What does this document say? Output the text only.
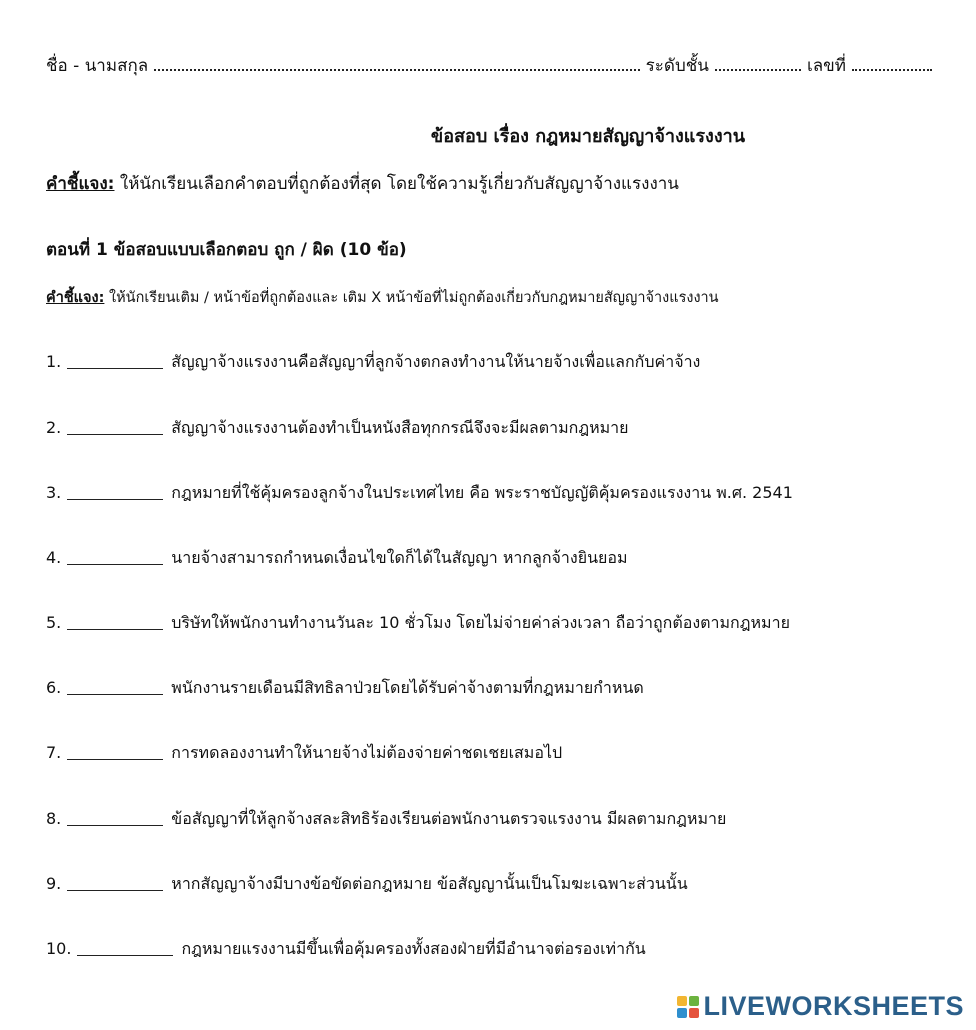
ชื่อ - นามสกุล	ระดับชั้น	เลขที่
ข้อสอบ เรื่อง กฎหมายสัญญาจ้างแรงงาน
คำชี้แจง: ให้นักเรียนเลือกคำตอบที่ถูกต้องที่สุด โดยใช้ความรู้เกี่ยวกับสัญญาจ้างแรงงาน
ตอนที่ 1 ข้อสอบแบบเลือกตอบ ถูก / ผิด (10 ข้อ)
คำชี้แจง: ให้นักเรียนเติม / หน้าข้อที่ถูกต้องและ เติม X หน้าข้อที่ไม่ถูกต้องเกี่ยวกับกฎหมายสัญญาจ้างแรงงาน
1.	สัญญาจ้างแรงงานคือสัญญาที่ลูกจ้างตกลงทำงานให้นายจ้างเพื่อแลกกับค่าจ้าง
2.	สัญญาจ้างแรงงานต้องทำเป็นหนังสือทุกกรณีจึงจะมีผลตามกฎหมาย
3.	กฎหมายที่ใช้คุ้มครองลูกจ้างในประเทศไทย คือ พระราชบัญญัติคุ้มครองแรงงาน พ.ศ. 2541
4.	นายจ้างสามารถกำหนดเงื่อนไขใดก็ได้ในสัญญา หากลูกจ้างยินยอม
5.	บริษัทให้พนักงานทำงานวันละ 10 ชั่วโมง โดยไม่จ่ายค่าล่วงเวลา ถือว่าถูกต้องตามกฎหมาย
6.	พนักงานรายเดือนมีสิทธิลาป่วยโดยได้รับค่าจ้างตามที่กฎหมายกำหนด
7.	การทดลองงานทำให้นายจ้างไม่ต้องจ่ายค่าชดเชยเสมอไป
8.	ข้อสัญญาที่ให้ลูกจ้างสละสิทธิร้องเรียนต่อพนักงานตรวจแรงงาน มีผลตามกฎหมาย
9.	หากสัญญาจ้างมีบางข้อขัดต่อกฎหมาย ข้อสัญญานั้นเป็นโมฆะเฉพาะส่วนนั้น
10.	กฎหมายแรงงานมีขึ้นเพื่อคุ้มครองทั้งสองฝ่ายที่มีอำนาจต่อรองเท่ากัน
LIVEWORKSHEETS
